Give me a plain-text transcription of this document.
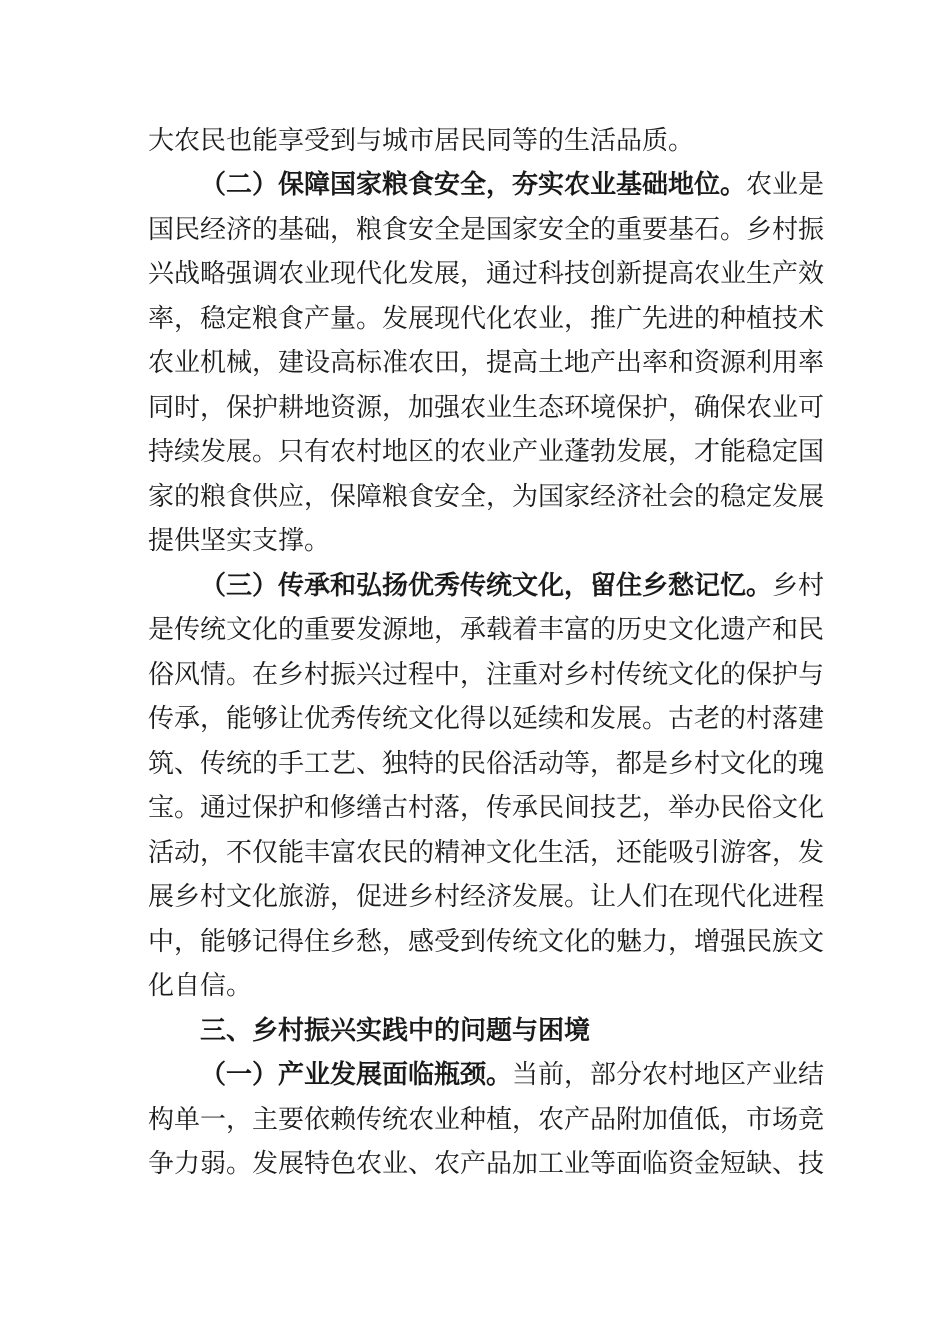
大农民也能享受到与城市居民同等的生活品质。
（二）保障国家粮食安全，夯实农业基础地位。农业是
国民经济的基础，粮食安全是国家安全的重要基石。乡村振
兴战略强调农业现代化发展，通过科技创新提高农业生产效
率，稳定粮食产量。发展现代化农业，推广先进的种植技术
农业机械，建设高标准农田，提高土地产出率和资源利用率
同时，保护耕地资源，加强农业生态环境保护，确保农业可
持续发展。只有农村地区的农业产业蓬勃发展，才能稳定国
家的粮食供应，保障粮食安全，为国家经济社会的稳定发展
提供坚实支撑。
（三）传承和弘扬优秀传统文化，留住乡愁记忆。乡村
是传统文化的重要发源地，承载着丰富的历史文化遗产和民
俗风情。在乡村振兴过程中，注重对乡村传统文化的保护与
传承，能够让优秀传统文化得以延续和发展。古老的村落建
筑、传统的手工艺、独特的民俗活动等，都是乡村文化的瑰
宝。通过保护和修缮古村落，传承民间技艺，举办民俗文化
活动，不仅能丰富农民的精神文化生活，还能吸引游客，发
展乡村文化旅游，促进乡村经济发展。让人们在现代化进程
中，能够记得住乡愁，感受到传统文化的魅力，增强民族文
化自信。
三、乡村振兴实践中的问题与困境
（一）产业发展面临瓶颈。当前，部分农村地区产业结
构单一，主要依赖传统农业种植，农产品附加值低，市场竞
争力弱。发展特色农业、农产品加工业等面临资金短缺、技
